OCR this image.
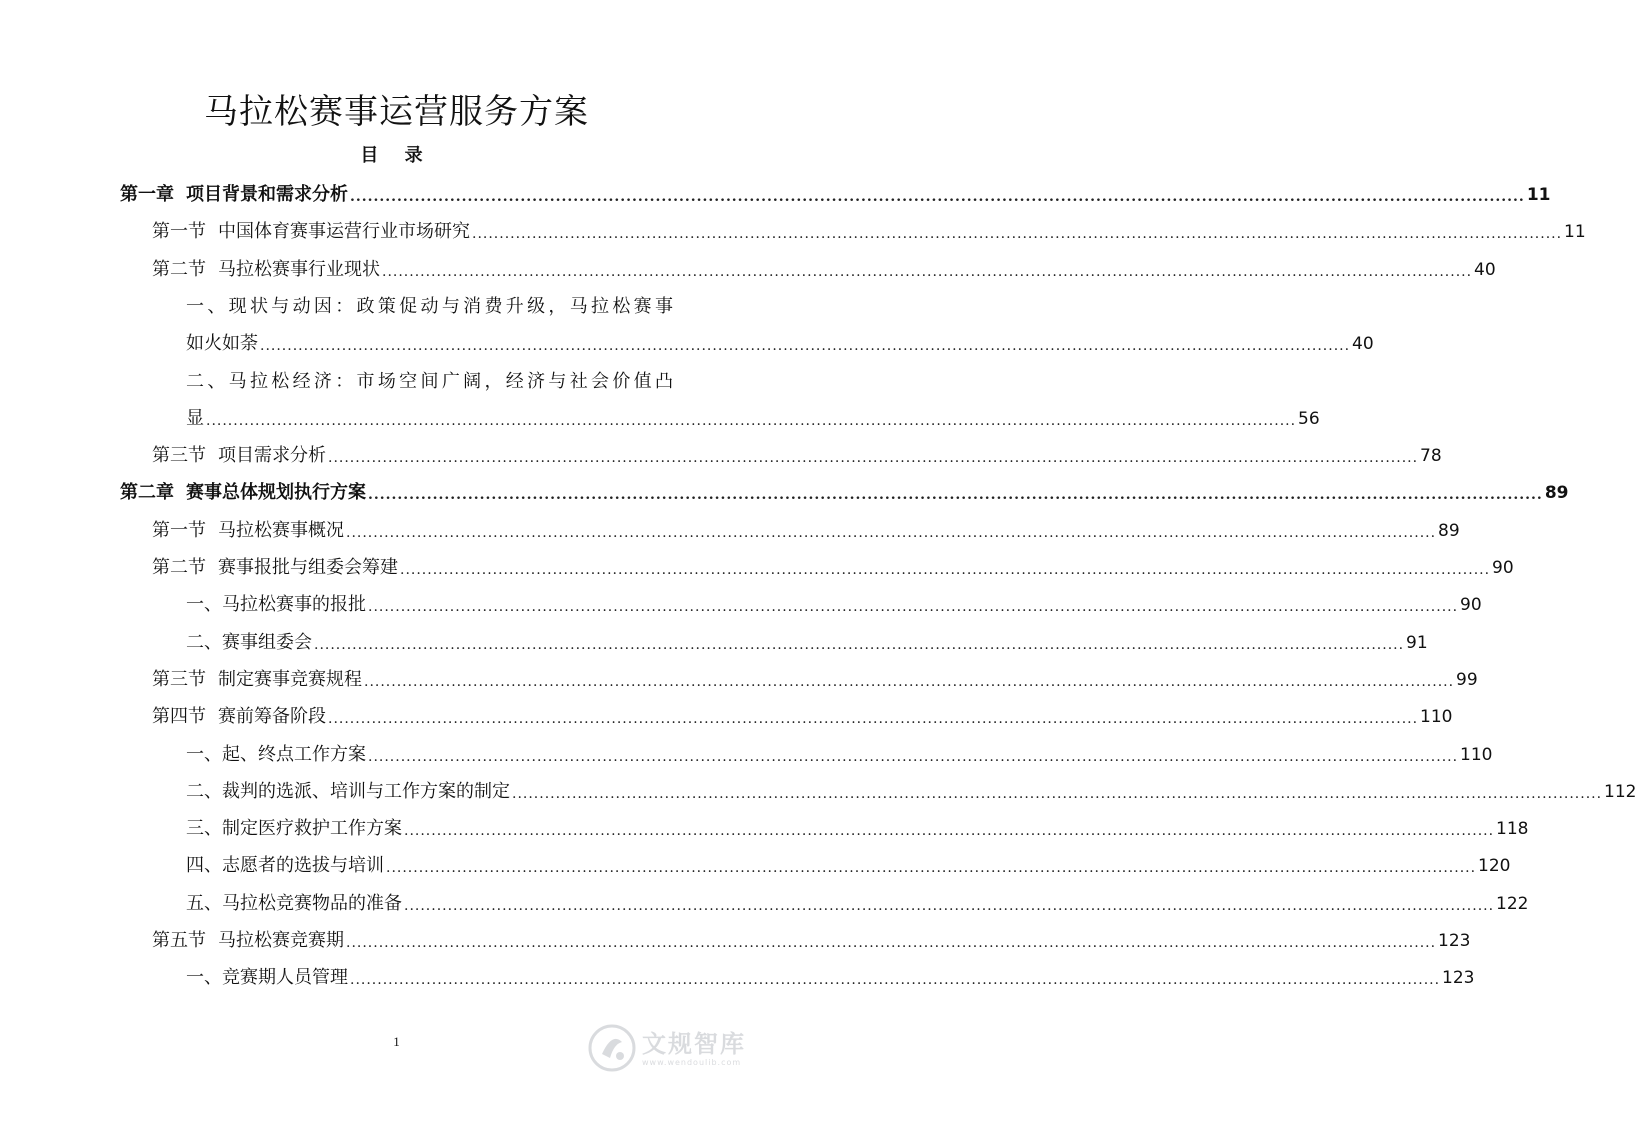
马拉松赛事运营服务方案
目 录
第一章 项目背景和需求分析 ........................................................................................................................................................................................................ 11
第一节 中国体育赛事运营行业市场研究 ........................................................................................................................................................................................................ 11
第二节 马拉松赛事行业现状 ........................................................................................................................................................................................................ 40
一、现状与动因：政策促动与消费升级，马拉松赛事
如火如荼 ........................................................................................................................................................................................................ 40
二、马拉松经济：市场空间广阔，经济与社会价值凸
显 ........................................................................................................................................................................................................ 56
第三节 项目需求分析 ........................................................................................................................................................................................................ 78
第二章 赛事总体规划执行方案 ........................................................................................................................................................................................................ 89
第一节 马拉松赛事概况 ........................................................................................................................................................................................................ 89
第二节 赛事报批与组委会筹建 ........................................................................................................................................................................................................ 90
一、马拉松赛事的报批 ........................................................................................................................................................................................................ 90
二、赛事组委会 ........................................................................................................................................................................................................ 91
第三节 制定赛事竞赛规程 ........................................................................................................................................................................................................ 99
第四节 赛前筹备阶段 ........................................................................................................................................................................................................ 110
一、起、终点工作方案 ........................................................................................................................................................................................................ 110
二、裁判的选派、培训与工作方案的制定 ........................................................................................................................................................................................................ 112
三、制定医疗救护工作方案 ........................................................................................................................................................................................................ 118
四、志愿者的选拔与培训 ........................................................................................................................................................................................................ 120
五、马拉松竞赛物品的准备 ........................................................................................................................................................................................................ 122
第五节 马拉松赛竞赛期 ........................................................................................................................................................................................................ 123
一、竞赛期人员管理 ........................................................................................................................................................................................................ 123
1	文规智库
www.wendoulib.com
